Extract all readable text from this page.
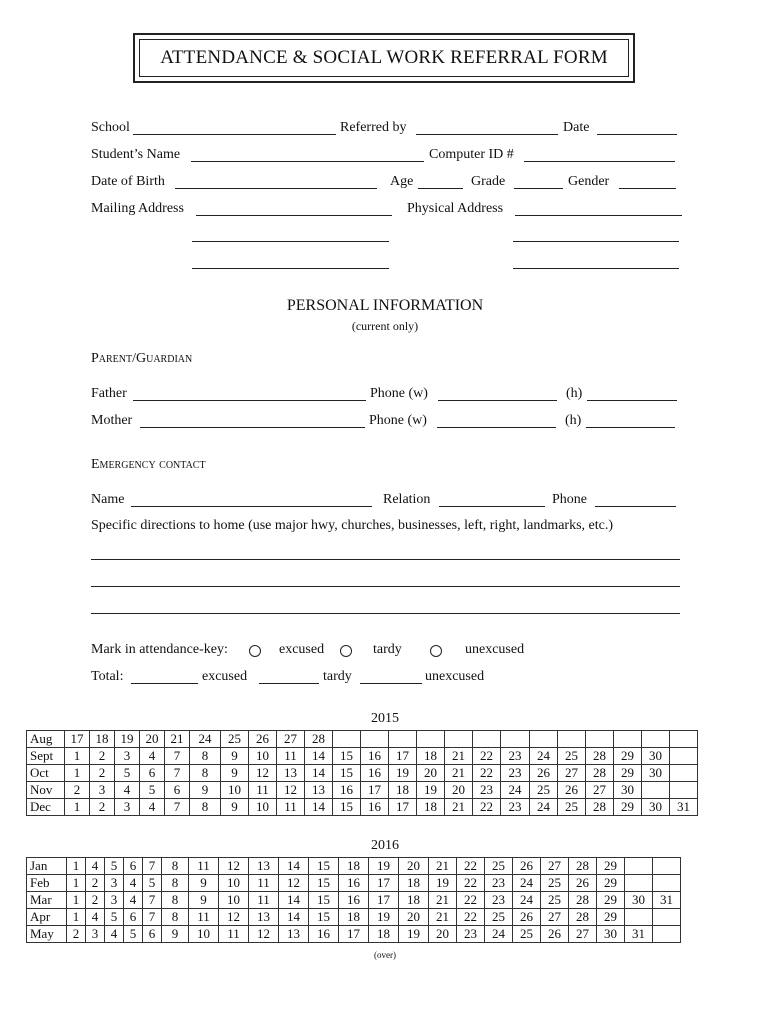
ATTENDANCE & SOCIAL WORK REFERRAL FORM
School	Referred by	Date
Student’s Name	Computer ID #
Date of Birth	Age	Grade	Gender
Mailing Address	Physical Address
PERSONAL INFORMATION
(current only)
Parent/Guardian
Father	Phone (w)	(h)
Mother	Phone (w)	(h)
Emergency contact
Name	Relation	Phone
Specific directions to home (use major hwy, churches, businesses, left, right, landmarks, etc.)
Mark in attendance-key:	excused	tardy	unexcused
Total:	excused	tardy	unexcused
2015
Aug	17	18	19	20	21	24	25	26	27	28													
Sept	1	2	3	4	7	8	9	10	11	14	15	16	17	18	21	22	23	24	25	28	29	30	
Oct	1	2	5	6	7	8	9	12	13	14	15	16	19	20	21	22	23	26	27	28	29	30	
Nov	2	3	4	5	6	9	10	11	12	13	16	17	18	19	20	23	24	25	26	27	30		
Dec	1	2	3	4	7	8	9	10	11	14	15	16	17	18	21	22	23	24	25	28	29	30	31
2016
Jan	1	4	5	6	7	8	11	12	13	14	15	18	19	20	21	22	25	26	27	28	29		
Feb	1	2	3	4	5	8	9	10	11	12	15	16	17	18	19	22	23	24	25	26	29		
Mar	1	2	3	4	7	8	9	10	11	14	15	16	17	18	21	22	23	24	25	28	29	30	31
Apr	1	4	5	6	7	8	11	12	13	14	15	18	19	20	21	22	25	26	27	28	29		
May	2	3	4	5	6	9	10	11	12	13	16	17	18	19	20	23	24	25	26	27	30	31	
(over)
